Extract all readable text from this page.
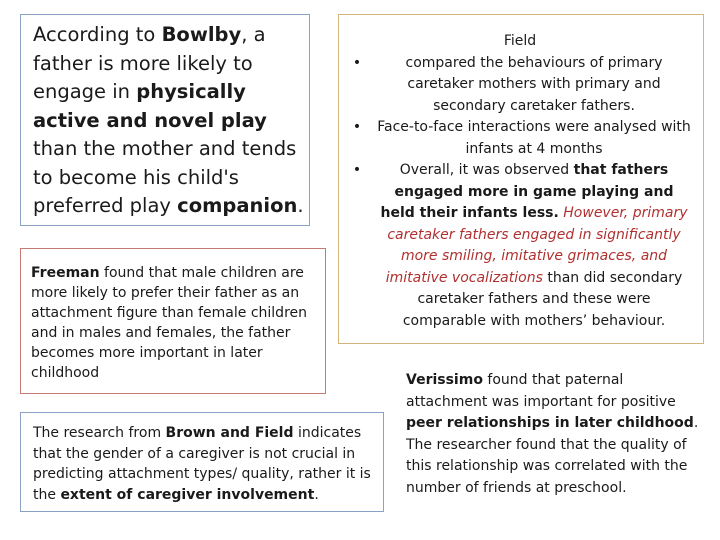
According to Bowlby, a father is more likely to engage in physically active and novel play than the mother and tends to become his child's preferred play companion.
Freeman found that male children are more likely to prefer their father as an attachment figure than female children and in males and females, the father becomes more important in later childhood
The research from Brown and Field indicates that the gender of a caregiver is not crucial in predicting attachment types/ quality, rather it is the extent of caregiver involvement.
Field
•	compared the behaviours of primary caretaker mothers with primary and secondary caretaker fathers.
• Face-to-face interactions were analysed with infants at 4 months
•	Overall, it was observed that fathers engaged more in game playing and held their infants less. However, primary caretaker fathers engaged in significantly more smiling, imitative grimaces, and imitative vocalizations than did secondary caretaker fathers and these were comparable with mothers’ behaviour.
Verissimo found that paternal attachment was important for positive peer relationships in later childhood. The researcher found that the quality of this relationship was correlated with the number of friends at preschool.
